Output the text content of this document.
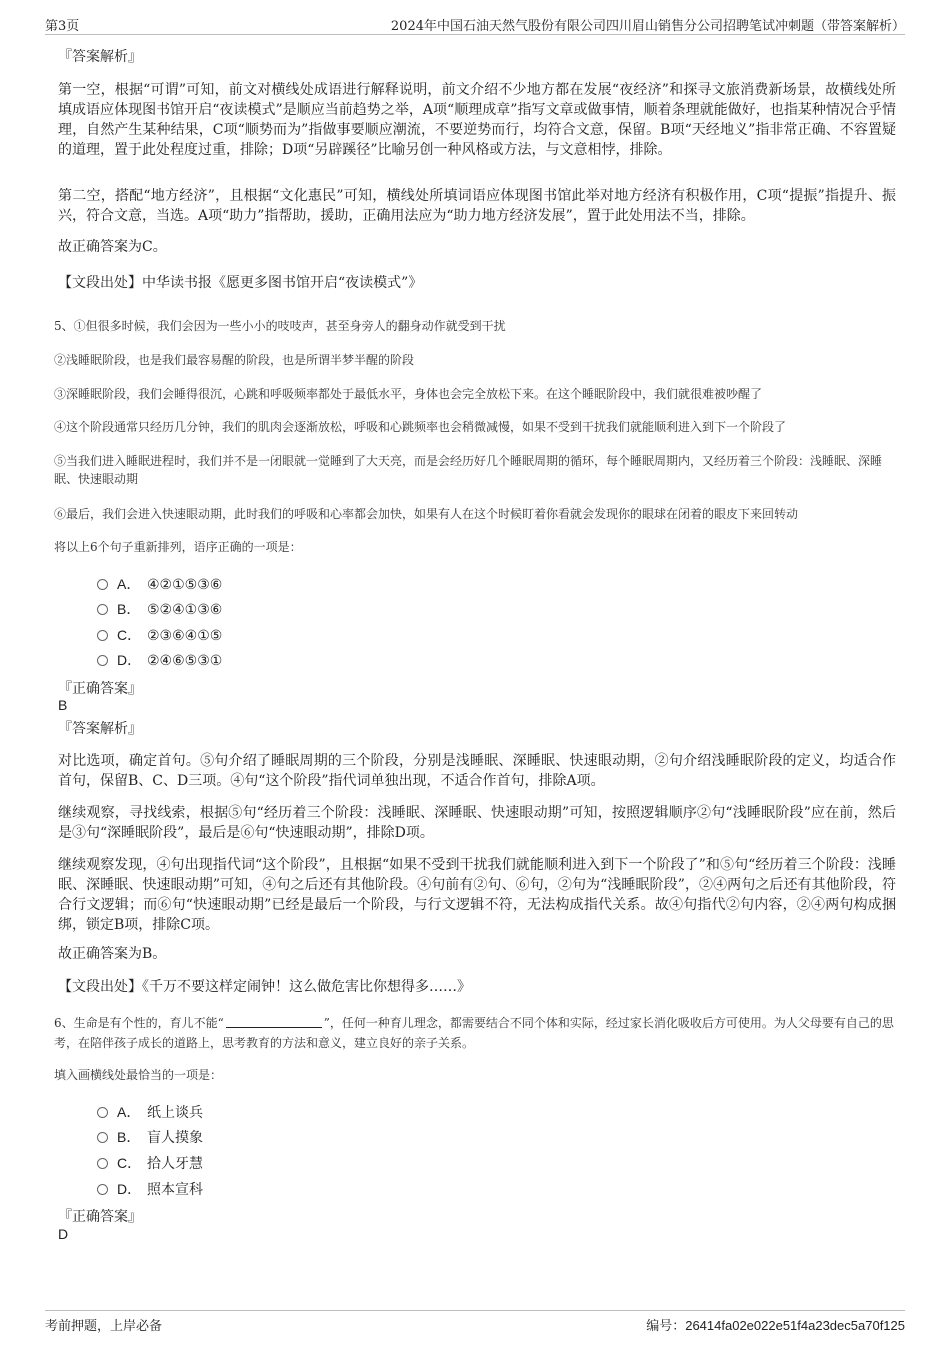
第3页	2024年中国石油天然气股份有限公司四川眉山销售分公司招聘笔试冲刺题（带答案解析）
『答案解析』
第一空，根据“可谓”可知，前文对横线处成语进行解释说明，前文介绍不少地方都在发展“夜经济”和探寻文旅消费新场景，故横线处所填成语应体现图书馆开启“夜读模式”是顺应当前趋势之举，A项“顺理成章”指写文章或做事情，顺着条理就能做好，也指某种情况合乎情理，自然产生某种结果，C项“顺势而为”指做事要顺应潮流，不要逆势而行，均符合文意，保留。B项“天经地义”指非常正确、不容置疑的道理，置于此处程度过重，排除；D项“另辟蹊径”比喻另创一种风格或方法，与文意相悖，排除。
第二空，搭配“地方经济”，且根据“文化惠民”可知，横线处所填词语应体现图书馆此举对地方经济有积极作用，C项“提振”指提升、振兴，符合文意，当选。A项“助力”指帮助，援助，正确用法应为“助力地方经济发展”，置于此处用法不当，排除。
故正确答案为C。
【文段出处】中华读书报《愿更多图书馆开启“夜读模式”》
5、①但很多时候，我们会因为一些小小的吱吱声，甚至身旁人的翻身动作就受到干扰
②浅睡眠阶段，也是我们最容易醒的阶段，也是所谓半梦半醒的阶段
③深睡眠阶段，我们会睡得很沉，心跳和呼吸频率都处于最低水平，身体也会完全放松下来。在这个睡眠阶段中，我们就很难被吵醒了
④这个阶段通常只经历几分钟，我们的肌肉会逐渐放松，呼吸和心跳频率也会稍微减慢，如果不受到干扰我们就能顺利进入到下一个阶段了
⑤当我们进入睡眠进程时，我们并不是一闭眼就一觉睡到了大天亮，而是会经历好几个睡眠周期的循环，每个睡眠周期内，又经历着三个阶段：浅睡眠、深睡眠、快速眼动期
⑥最后，我们会进入快速眼动期，此时我们的呼吸和心率都会加快，如果有人在这个时候盯着你看就会发现你的眼球在闭着的眼皮下来回转动
将以上6个句子重新排列，语序正确的一项是：
A． ④②①⑤③⑥
B． ⑤②④①③⑥
C． ②③⑥④①⑤
D． ②④⑥⑤③①
『正确答案』
B
『答案解析』
对比选项，确定首句。⑤句介绍了睡眠周期的三个阶段，分别是浅睡眠、深睡眠、快速眼动期，②句介绍浅睡眠阶段的定义，均适合作首句，保留B、C、D三项。④句“这个阶段”指代词单独出现，不适合作首句，排除A项。
继续观察，寻找线索，根据⑤句“经历着三个阶段：浅睡眠、深睡眠、快速眼动期”可知，按照逻辑顺序②句“浅睡眠阶段”应在前，然后是③句“深睡眠阶段”，最后是⑥句“快速眼动期”，排除D项。
继续观察发现，④句出现指代词“这个阶段”，且根据“如果不受到干扰我们就能顺利进入到下一个阶段了”和⑤句“经历着三个阶段：浅睡眠、深睡眠、快速眼动期”可知，④句之后还有其他阶段。④句前有②句、⑥句，②句为“浅睡眠阶段”，②④两句之后还有其他阶段，符合行文逻辑；而⑥句“快速眼动期”已经是最后一个阶段，与行文逻辑不符，无法构成指代关系。故④句指代②句内容，②④两句构成捆绑，锁定B项，排除C项。
故正确答案为B。
【文段出处】《千万不要这样定闹钟！这么做危害比你想得多……》
6、生命是有个性的，育儿不能“	”，任何一种育儿理念，都需要结合不同个体和实际，经过家长消化吸收后方可使用。为人父母要有自己的思考，在陪伴孩子成长的道路上，思考教育的方法和意义，建立良好的亲子关系。
填入画横线处最恰当的一项是：
A． 纸上谈兵
B． 盲人摸象
C． 拾人牙慧
D． 照本宣科
『正确答案』
D
考前押题，上岸必备	编号：26414fa02e022e51f4a23dec5a70f125
